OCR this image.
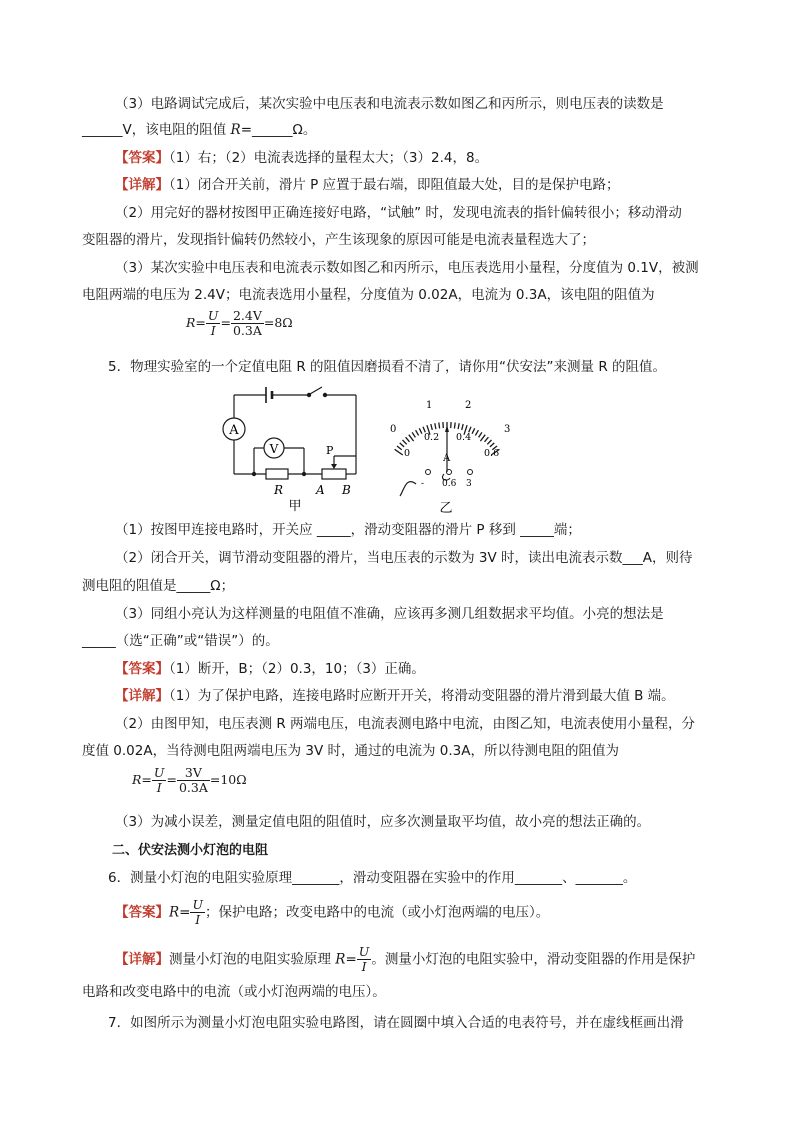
（3）电路调试完成后，某次实验中电压表和电流表示数如图乙和丙所示，则电压表的读数是
______V，该电阻的阻值 R=______Ω。
【答案】（1）右；（2）电流表选择的量程太大；（3）2.4，8。
【详解】（1）闭合开关前，滑片 P 应置于最右端，即阻值最大处，目的是保护电路；
（2）用完好的器材按图甲正确连接好电路，“试触” 时，发现电流表的指针偏转很小；移动滑动
变阻器的滑片，发现指针偏转仍然较小，产生该现象的原因可能是电流表量程选大了；
（3）某次实验中电压表和电流表示数如图乙和丙所示，电压表选用小量程，分度值为 0.1V，被测
电阻两端的电压为 2.4V；电流表选用小量程，分度值为 0.02A，电流为 0.3A，该电阻的阻值为
$R= \frac{U}{I} = \frac{2.4V}{0.3A} =8\Omega$
5．物理实验室的一个定值电阻 R 的阻值因磨损看不清了，请你用“伏安法”来测量 R 的阻值。
A
V	P
R	A B
甲
0
1	2
3
0
0.2 0.4
0.6
A
- 0.6 3
乙
（1）按图甲连接电路时，开关应 _____，滑动变阻器的滑片 P 移到 _____端；
（2）闭合开关，调节滑动变阻器的滑片，当电压表的示数为 3V 时，读出电流表示数___A，则待
测电阻的阻值是_____Ω；
（3）同组小亮认为这样测量的电阻值不准确，应该再多测几组数据求平均值。小亮的想法是
_____（选“正确”或“错误”）的。
【答案】（1）断开，B；（2）0.3，10；（3）正确。
【详解】（1）为了保护电路，连接电路时应断开开关，将滑动变阻器的滑片滑到最大值 B 端。
（2）由图甲知，电压表测 R 两端电压，电流表测电路中电流，由图乙知，电流表使用小量程，分
度值 0.02A，当待测电阻两端电压为 3V 时，通过的电流为 0.3A，所以待测电阻的阻值为
$R= \frac{U}{I} = \frac{3V}{0.3A} =10\Omega$
（3）为减小误差，测量定值电阻的阻值时，应多次测量取平均值，故小亮的想法正确的。
二、伏安法测小灯泡的电阻
6．测量小灯泡的电阻实验原理_______，滑动变阻器在实验中的作用_______、_______。
【答案】$R= \frac{U}{I}$ ；保护电路；改变电路中的电流（或小灯泡两端的电压）。
【详解】测量小灯泡的电阻实验原理 $R= \frac{U}{I}$ 。测量小灯泡的电阻实验中，滑动变阻器的作用是保护
电路和改变电路中的电流（或小灯泡两端的电压）。
7．如图所示为测量小灯泡电阻实验电路图，请在圆圈中填入合适的电表符号，并在虚线框画出滑
